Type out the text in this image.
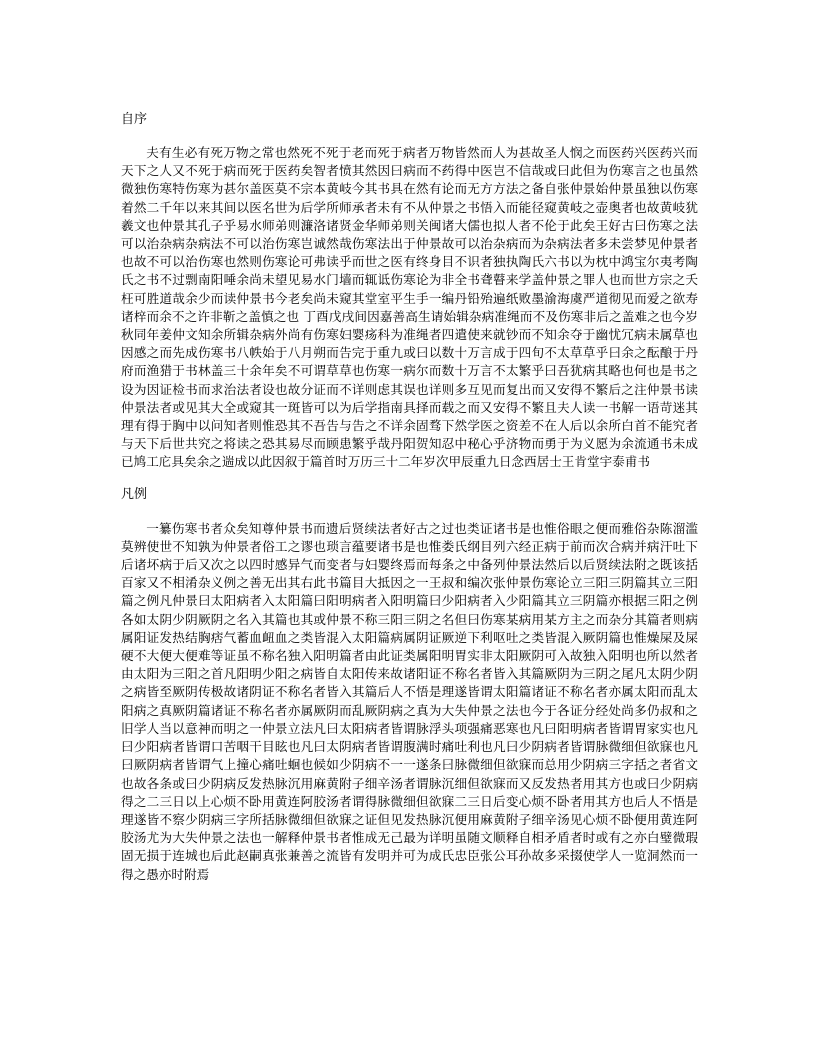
自序

夫有生必有死万物之常也然死不死于老而死于病者万物皆然而人为甚故圣人悯之而医药兴医药兴而天下之人又不死于病而死于医药矣智者愤其然因曰病而不药得中医岂不信哉或曰此但为伤寒言之也虽然微独伤寒特伤寒为甚尔盖医莫不宗本黄岐今其书具在然有论而无方方法之备自张仲景始仲景虽独以伤寒着然二千年以来其间以医名世为后学所师承者未有不从仲景之书悟入而能径窥黄岐之壶奥者也故黄岐犹羲文也仲景其孔子乎易水师弟则濂洛诸贤金华师弟则关闽诸大儒也拟人者不伦于此矣王好古曰伤寒之法可以治杂病杂病法不可以治伤寒岂诚然哉伤寒法出于仲景故可以治杂病而为杂病法者多未尝梦见仲景者也故不可以治伤寒也然则伤寒论可弗读乎而世之医有终身目不识者独执陶氏六书以为枕中鸿宝尔夷考陶氏之书不过剽南阳唾余尚未望见易水门墙而辄诋伤寒论为非全书聋瞽来学盖仲景之罪人也而世方宗之夭枉可胜道哉余少而读仲景书今老矣尚未窥其堂室平生手一编丹铅殆遍纸败墨渝海虞严道彻见而爱之欲寿诸梓而余不之许非靳之盖慎之也 丁酉戊戌间因嘉善高生请始辑杂病准绳而不及伤寒非后之盖难之也今岁秋同年姜仲文知余所辑杂病外尚有伤寒妇婴疡科为准绳者四遣使来就钞而不知余夺于幽忧冗病未属草也因感之而先成伤寒书八帙始于八月朔而告完于重九或曰以数十万言成于四旬不太草草乎曰余之酝酿于丹府而渔猎于书林盖三十余年矣不可谓草草也伤寒一病尔而数十万言不太繁乎曰吾犹病其略也何也是书之设为因证检书而求治法者设也故分证而不详则虑其误也详则多互见而复出而又安得不繁后之注仲景书读仲景法者或见其大全或窥其一斑皆可以为后学指南具择而载之而又安得不繁且夫人读一书解一语苛迷其理有得于胸中以问知者则惟恐其不吾告与告之不详余固骛下然学医之资差不在人后以余所白首不能究者与天下后世共究之将读之恐其易尽而顾患繁乎哉丹阳贺知忍中秘心乎济物而勇于为义愿为余流通书未成已鸠工庀具矣余之遄成以此因叙于篇首时万历三十二年岁次甲辰重九日念西居士王肯堂宇泰甫书

凡例

一纂伤寒书者众矣知尊仲景书而遗后贤续法者好古之过也类证诸书是也惟俗眼之便而雅俗杂陈溜滥莫辨使世不知孰为仲景者俗工之谬也琐言蕴要诸书是也惟娄氏纲目列六经正病于前而次合病并病汗吐下后诸坏病于后又次之以四时感异气而变者与妇婴终焉而每条之中备列仲景法然后以后贤续法附之既该括百家又不相淆杂义例之善无出其右此书篇目大抵因之一王叔和编次张仲景伤寒论立三阳三阴篇其立三阳篇之例凡仲景曰太阳病者入太阳篇曰阳明病者入阳明篇曰少阳病者入少阳篇其立三阴篇亦根据三阳之例各如太阴少阴厥阴之名入其篇也其或仲景不称三阳三阴之名但曰伤寒某病用某方主之而杂分其篇者则病属阳证发热结胸痞气蓄血衄血之类皆混入太阳篇病属阴证厥逆下利呕吐之类皆混入厥阴篇也惟燥屎及屎硬不大便大便难等证虽不称名独入阳明篇者由此证类属阳明胃实非太阳厥阴可入故独入阳明也所以然者由太阳为三阳之首凡阳明少阳之病皆自太阳传来故诸阳证不称名者皆入其篇厥阴为三阴之尾凡太阴少阴之病皆至厥阴传极故诸阴证不称名者皆入其篇后人不悟是理遂皆谓太阳篇诸证不称名者亦属太阳而乱太阳病之真厥阴篇诸证不称名者亦属厥阴而乱厥阴病之真为大失仲景之法也今于各证分经处尚多仍叔和之旧学人当以意神而明之一仲景立法凡曰太阳病者皆谓脉浮头项强痛恶寒也凡曰阳明病者皆谓胃家实也凡曰少阳病者皆谓口苦咽干目眩也凡曰太阴病者皆谓腹满时痛吐利也凡曰少阴病者皆谓脉微细但欲寐也凡曰厥阴病者皆谓气上撞心痛吐蛔也候如少阴病不一一遂条曰脉微细但欲寐而总用少阴病三字括之者省文也故各条或曰少阴病反发热脉沉用麻黄附子细辛汤者谓脉沉细但欲寐而又反发热者用其方也或曰少阴病得之二三日以上心烦不卧用黄连阿胶汤者谓得脉微细但欲寐二三日后变心烦不卧者用其方也后人不悟是理遂皆不察少阴病三字所括脉微细但欲寐之证但见发热脉沉便用麻黄附子细辛汤见心烦不卧便用黄连阿胶汤尤为大失仲景之法也一解释仲景书者惟成无己最为详明虽随文顺释自相矛盾者时或有之亦白璧微瑕固无损于连城也后此赵嗣真张兼善之流皆有发明并可为成氏忠臣张公耳孙故多采掇使学人一览洞然而一得之愚亦时附焉
